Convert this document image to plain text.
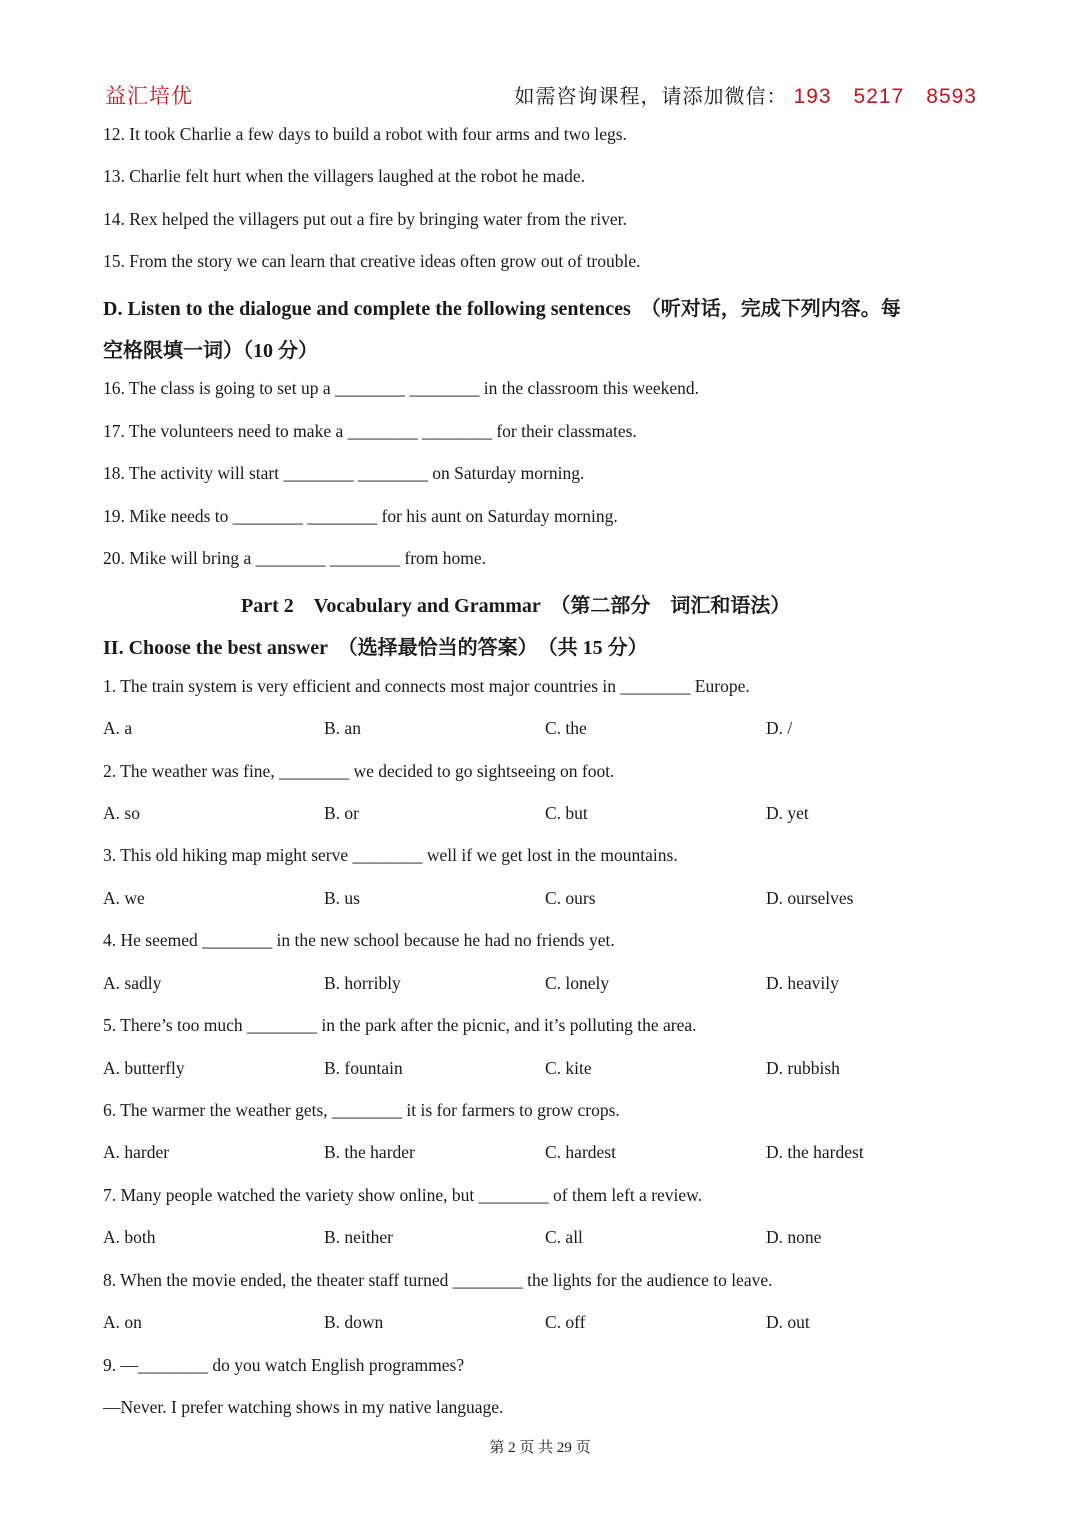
益汇培优	如需咨询课程，请添加微信： 193　5217　8593
12. It took Charlie a few days to build a robot with four arms and two legs.
13. Charlie felt hurt when the villagers laughed at the robot he made.
14. Rex helped the villagers put out a fire by bringing water from the river.
15. From the story we can learn that creative ideas often grow out of trouble.
D. Listen to the dialogue and complete the following sentences　（听对话，完成下列内容。每
空格限填一词）（10 分）
16. The class is going to set up a ________ ________ in the classroom this weekend.
17. The volunteers need to make a ________ ________ for their classmates.
18. The activity will start ________ ________ on Saturday morning.
19. Mike needs to ________ ________ for his aunt on Saturday morning.
20. Mike will bring a ________ ________ from home.
Part 2　Vocabulary and Grammar　（第二部分　词汇和语法）
II. Choose the best answer　（选择最恰当的答案）　（共 15 分）
1. The train system is very efficient and connects most major countries in ________ Europe.
A. a	B. an	C. the	D. /
2. The weather was fine, ________ we decided to go sightseeing on foot.
A. so	B. or	C. but	D. yet
3. This old hiking map might serve ________ well if we get lost in the mountains.
A. we	B. us	C. ours	D. ourselves
4. He seemed ________ in the new school because he had no friends yet.
A. sadly	B. horribly	C. lonely	D. heavily
5. There’s too much ________ in the park after the picnic, and it’s polluting the area.
A. butterfly	B. fountain	C. kite	D. rubbish
6. The warmer the weather gets, ________ it is for farmers to grow crops.
A. harder	B. the harder	C. hardest	D. the hardest
7. Many people watched the variety show online, but ________ of them left a review.
A. both	B. neither	C. all	D. none
8. When the movie ended, the theater staff turned ________ the lights for the audience to leave.
A. on	B. down	C. off	D. out
9. —________ do you watch English programmes?
—Never. I prefer watching shows in my native language.
第 2 页 共 29 页
